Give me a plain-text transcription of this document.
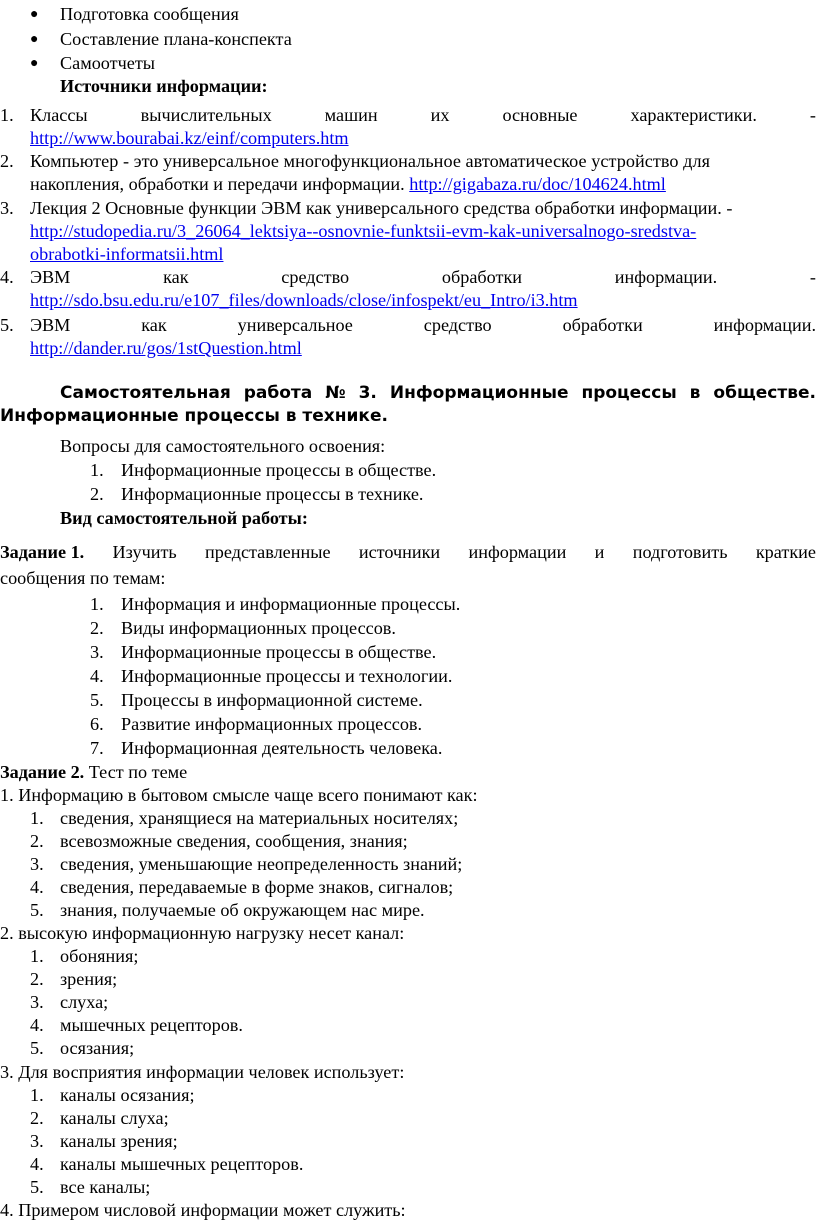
● Подготовка сообщения
● Составление плана-конспекта
● Самоотчеты
Источники информации:
1. Классы	вычислительных	машин	их	основные	характеристики.	-
http://www.bourabai.kz/einf/computers.htm
2. Компьютер - это универсальное многофункциональное автоматическое устройство для
накопления, обработки и передачи информации. http://gigabaza.ru/doc/104624.html
3. Лекция 2 Основные функции ЭВМ как универсального средства обработки информации. -
http://studopedia.ru/3_26064_lektsiya--osnovnie-funktsii-evm-kak-universalnogo-sredstva-
obrabotki-informatsii.html
4. ЭВМ	как	средство	обработки	информации.	-
http://sdo.bsu.edu.ru/e107_files/downloads/close/infospekt/eu_Intro/i3.htm
5. ЭВМ	как	универсальное	средство	обработки	информации.
http://dander.ru/gos/1stQuestion.html
Самостоятельная работа № 3. Информационные процессы в обществе.
Информационные процессы в технике.
Вопросы для самостоятельного освоения:
1. Информационные процессы в обществе.
2. Информационные процессы в технике.
Вид самостоятельной работы:
Задание 1. Изучить представленные источники информации и подготовить краткие
сообщения по темам:
1. Информация и информационные процессы.
2. Виды информационных процессов.
3. Информационные процессы в обществе.
4. Информационные процессы и технологии.
5. Процессы в информационной системе.
6. Развитие информационных процессов.
7. Информационная деятельность человека.
Задание 2. Тест по теме
1. Информацию в бытовом смысле чаще всего понимают как:
1. сведения, хранящиеся на материальных носителях;
2. всевозможные сведения, сообщения, знания;
3. сведения, уменьшающие неопределенность знаний;
4. сведения, передаваемые в форме знаков, сигналов;
5. знания, получаемые об окружающем нас мире.
2. высокую информационную нагрузку несет канал:
1. обоняния;
2. зрения;
3. слуха;
4. мышечных рецепторов.
5. осязания;
3. Для восприятия информации человек использует:
1. каналы осязания;
2. каналы слуха;
3. каналы зрения;
4. каналы мышечных рецепторов.
5. все каналы;
4. Примером числовой информации может служить:
